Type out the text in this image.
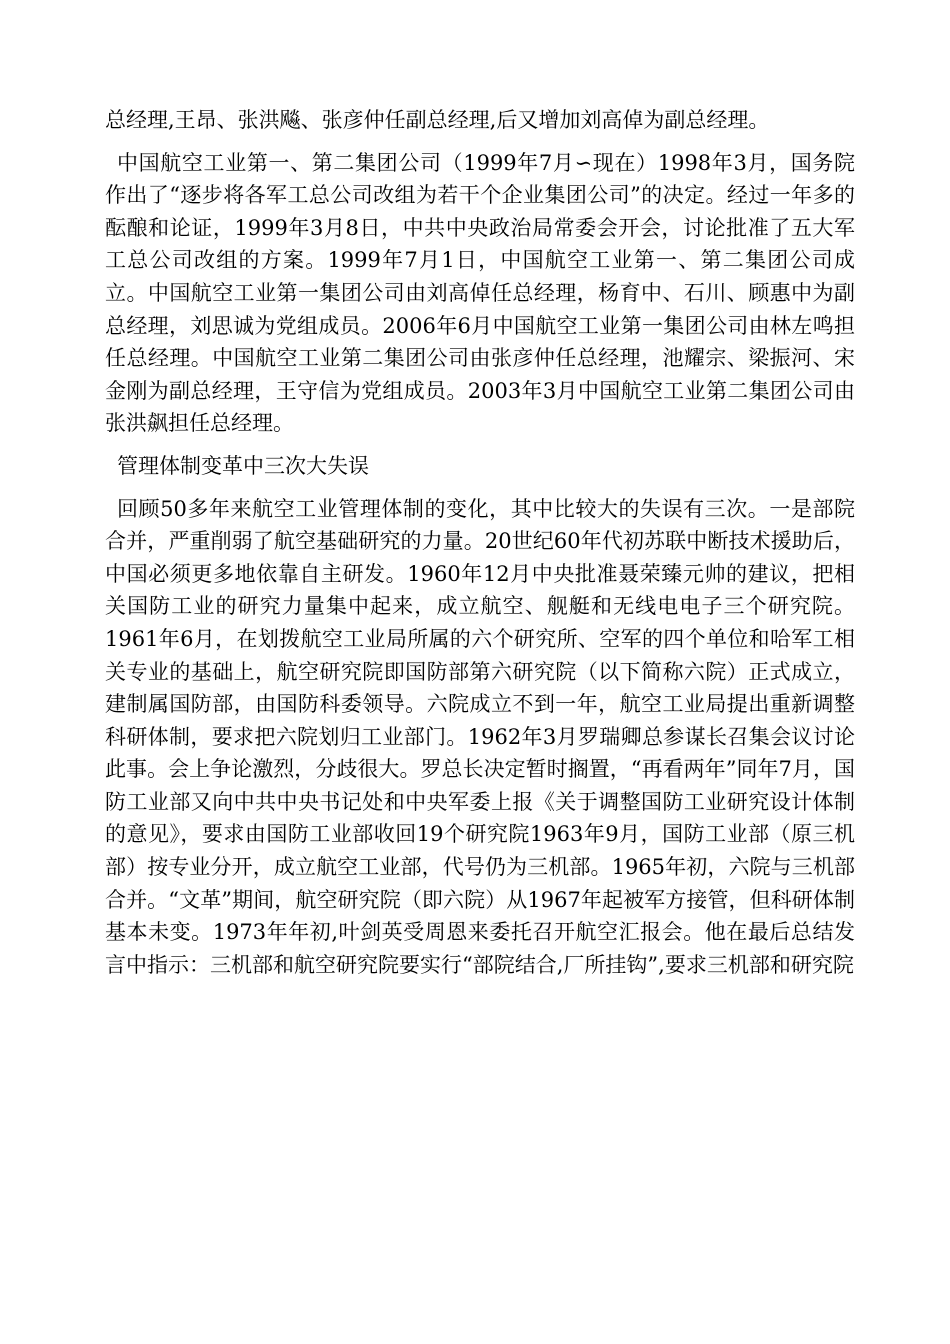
总经理,王昂、张洪飚、张彦仲任副总经理,后又增加刘高倬为副总经理。

中国航空工业第一、第二集团公司（1999年7月∽现在）1998年3月，国务院作出了“逐步将各军工总公司改组为若干个企业集团公司”的决定。经过一年多的酝酿和论证，1999年3月8日，中共中央政治局常委会开会，讨论批准了五大军工总公司改组的方案。1999年7月1日，中国航空工业第一、第二集团公司成立。中国航空工业第一集团公司由刘高倬任总经理，杨育中、石川、顾惠中为副总经理，刘思诚为党组成员。2006年6月中国航空工业第一集团公司由林左鸣担任总经理。中国航空工业第二集团公司由张彦仲任总经理，池耀宗、梁振河、宋金刚为副总经理，王守信为党组成员。2003年3月中国航空工业第二集团公司由张洪飙担任总经理。

管理体制变革中三次大失误

回顾50多年来航空工业管理体制的变化，其中比较大的失误有三次。一是部院合并，严重削弱了航空基础研究的力量。20世纪60年代初苏联中断技术援助后，中国必须更多地依靠自主研发。1960年12月中央批准聂荣臻元帅的建议，把相关国防工业的研究力量集中起来，成立航空、舰艇和无线电电子三个研究院。1961年6月，在划拨航空工业局所属的六个研究所、空军的四个单位和哈军工相关专业的基础上，航空研究院即国防部第六研究院（以下简称六院）正式成立，建制属国防部，由国防科委领导。六院成立不到一年，航空工业局提出重新调整科研体制，要求把六院划归工业部门。1962年3月罗瑞卿总参谋长召集会议讨论此事。会上争论激烈，分歧很大。罗总长决定暂时搁置，“再看两年”同年7月，国防工业部又向中共中央书记处和中央军委上报《关于调整国防工业研究设计体制的意见》，要求由国防工业部收回19个研究院1963年9月，国防工业部（原三机部）按专业分开，成立航空工业部，代号仍为三机部。1965年初，六院与三机部合并。“文革”期间，航空研究院（即六院）从1967年起被军方接管，但科研体制基本未变。1973年年初,叶剑英受周恩来委托召开航空汇报会。他在最后总结发言中指示：三机部和航空研究院要实行“部院结合,厂所挂钩”,要求三机部和研究院
